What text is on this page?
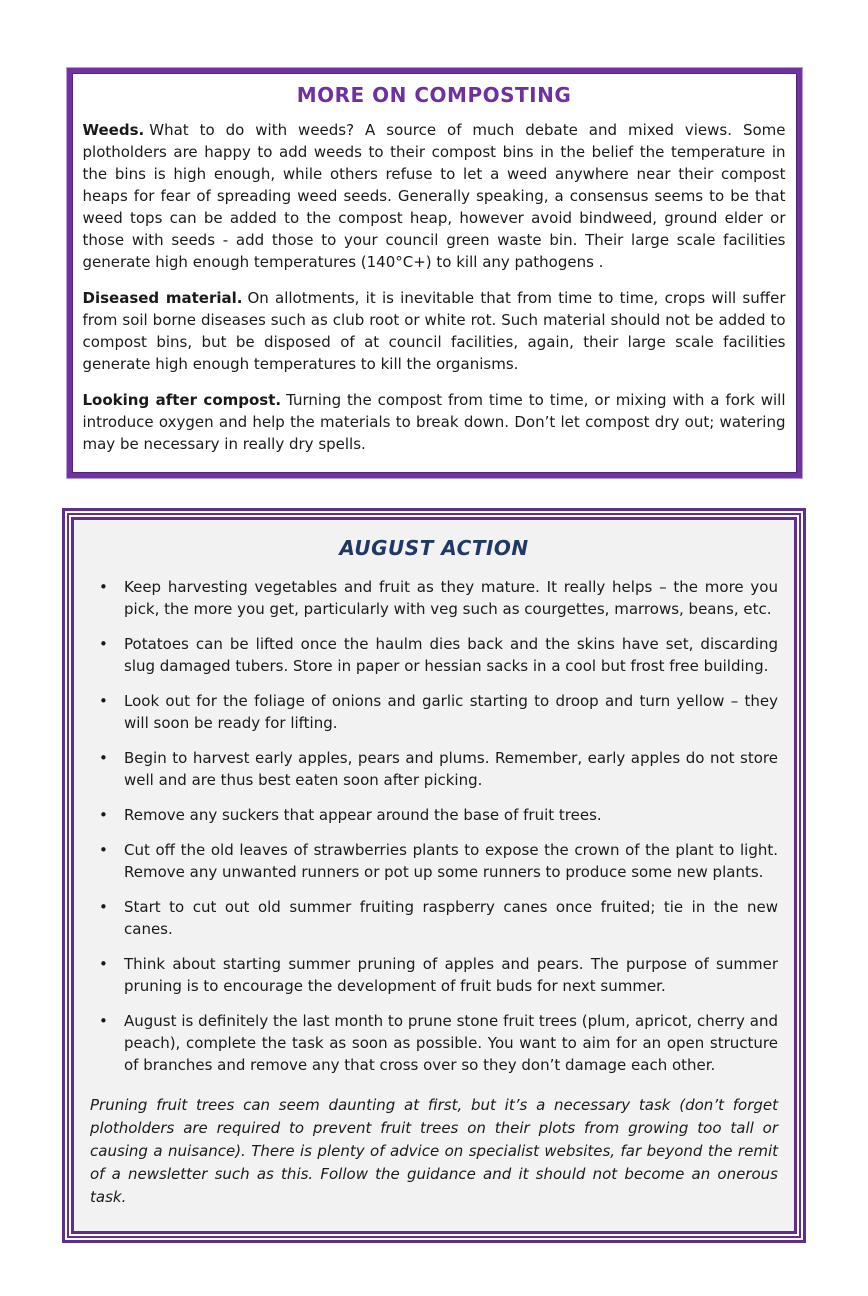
MORE ON COMPOSTING

Weeds. What to do with weeds? A source of much debate and mixed views. Some plotholders are happy to add weeds to their compost bins in the belief the temperature in the bins is high enough, while others refuse to let a weed anywhere near their compost heaps for fear of spreading weed seeds. Generally speaking, a consensus seems to be that weed tops can be added to the compost heap, however avoid bindweed, ground elder or those with seeds - add those to your council green waste bin. Their large scale facilities generate high enough temperatures (140°C+) to kill any pathogens .

Diseased material. On allotments, it is inevitable that from time to time, crops will suffer from soil borne diseases such as club root or white rot. Such material should not be added to compost bins, but be disposed of at council facilities, again, their large scale facilities generate high enough temperatures to kill the organisms.

Looking after compost. Turning the compost from time to time, or mixing with a fork will introduce oxygen and help the materials to break down. Don’t let compost dry out; watering may be necessary in really dry spells.

AUGUST ACTION
• Keep harvesting vegetables and fruit as they mature. It really helps – the more you pick, the more you get, particularly with veg such as courgettes, marrows, beans, etc.
• Potatoes can be lifted once the haulm dies back and the skins have set, discarding slug damaged tubers. Store in paper or hessian sacks in a cool but frost free building.
• Look out for the foliage of onions and garlic starting to droop and turn yellow – they will soon be ready for lifting.
• Begin to harvest early apples, pears and plums. Remember, early apples do not store well and are thus best eaten soon after picking.
• Remove any suckers that appear around the base of fruit trees.
• Cut off the old leaves of strawberries plants to expose the crown of the plant to light. Remove any unwanted runners or pot up some runners to produce some new plants.
• Start to cut out old summer fruiting raspberry canes once fruited; tie in the new canes.
• Think about starting summer pruning of apples and pears. The purpose of summer pruning is to encourage the development of fruit buds for next summer.
• August is definitely the last month to prune stone fruit trees (plum, apricot, cherry and peach), complete the task as soon as possible. You want to aim for an open structure of branches and remove any that cross over so they don’t damage each other.

Pruning fruit trees can seem daunting at first, but it’s a necessary task (don’t forget plotholders are required to prevent fruit trees on their plots from growing too tall or causing a nuisance). There is plenty of advice on specialist websites, far beyond the remit of a newsletter such as this. Follow the guidance and it should not become an onerous task.
